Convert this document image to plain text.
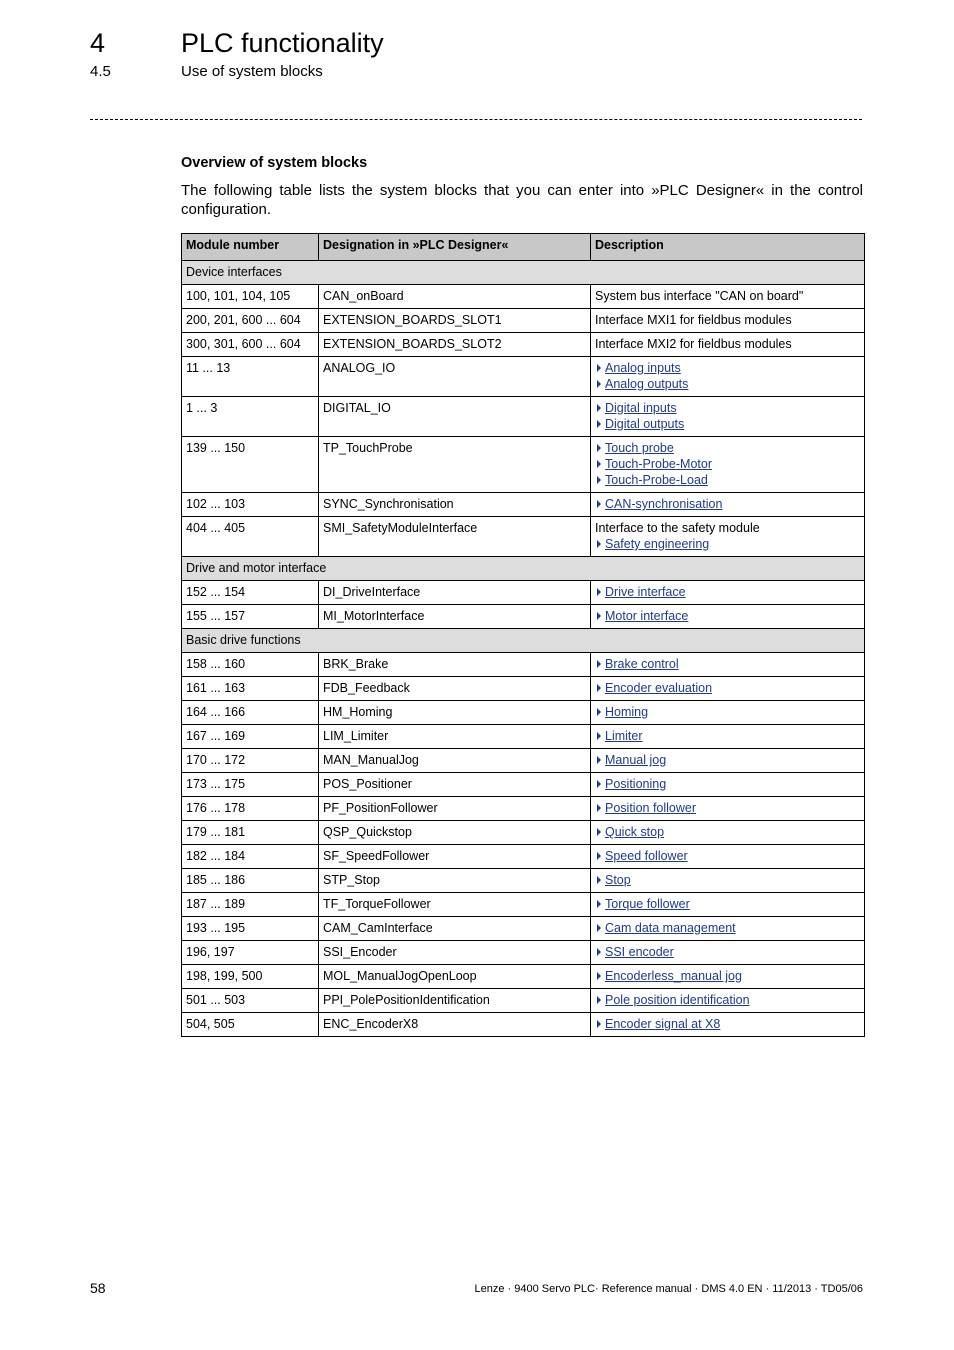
4	PLC functionality
4.5	Use of system blocks
Overview of system blocks
The following table lists the system blocks that you can enter into »PLC Designer« in the control configuration.
Module number	Designation in »PLC Designer«	Description
Device interfaces		
100, 101, 104, 105	CAN_onBoard	System bus interface "CAN on board"

200, 201, 600 ... 604	EXTENSION_BOARDS_SLOT1	Interface MXI1 for fieldbus modules

300, 301, 600 ... 604	EXTENSION_BOARDS_SLOT2	Interface MXI2 for fieldbus modules

11 ... 13	ANALOG_IO	Analog inputs
Analog outputs

1 ... 3	DIGITAL_IO	Digital inputs
Digital outputs

139 ... 150	TP_TouchProbe	Touch probe
Touch-Probe-Motor
Touch-Probe-Load

102 ... 103	SYNC_Synchronisation	CAN-synchronisation

404 ... 405	SMI_SafetyModuleInterface	Interface to the safety module
Safety engineering

Drive and motor interface		
152 ... 154	DI_DriveInterface	Drive interface

155 ... 157	MI_MotorInterface	Motor interface

Basic drive functions		
158 ... 160	BRK_Brake	Brake control

161 ... 163	FDB_Feedback	Encoder evaluation

164 ... 166	HM_Homing	Homing

167 ... 169	LIM_Limiter	Limiter

170 ... 172	MAN_ManualJog	Manual jog

173 ... 175	POS_Positioner	Positioning

176 ... 178	PF_PositionFollower	Position follower

179 ... 181	QSP_Quickstop	Quick stop

182 ... 184	SF_SpeedFollower	Speed follower

185 ... 186	STP_Stop	Stop

187 ... 189	TF_TorqueFollower	Torque follower

193 ... 195	CAM_CamInterface	Cam data management

196, 197	SSI_Encoder	SSI encoder

198, 199, 500	MOL_ManualJogOpenLoop	Encoderless_manual jog

501 ... 503	PPI_PolePositionIdentification	Pole position identification

504, 505	ENC_EncoderX8	Encoder signal at X8
58	Lenze · 9400 Servo PLC· Reference manual · DMS 4.0 EN · 11/2013 · TD05/06
